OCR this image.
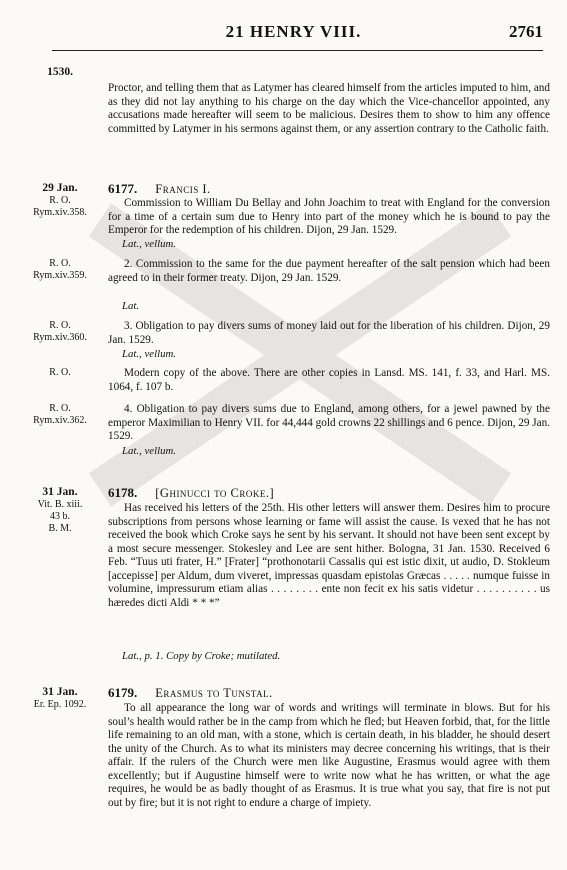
21 HENRY VIII.	2761
1530.
Proctor, and telling them that as Latymer has cleared himself from the articles imputed to him, and as they did not lay anything to his charge on the day which the Vice-chancellor appointed, any accusations made hereafter will seem to be malicious. Desires them to show to him any offence committed by Latymer in his sermons against them, or any assertion contrary to the Catholic faith.
29 Jan.
R. O.
Rym.xiv.358.
6177. Francis I.
Commission to William Du Bellay and John Joachim to treat with England for the conversion for a time of a certain sum due to Henry into part of the money which he is bound to pay the Emperor for the redemption of his children. Dijon, 29 Jan. 1529.
Lat., vellum.
R. O.
Rym.xiv.359.
2. Commission to the same for the due payment hereafter of the salt pension which had been agreed to in their former treaty. Dijon, 29 Jan. 1529.
Lat.
R. O.
Rym.xiv.360.
3. Obligation to pay divers sums of money laid out for the liberation of his children. Dijon, 29 Jan. 1529.
Lat., vellum.
R. O.	Modern copy of the above. There are other copies in Lansd. MS. 141, f. 33, and Harl. MS. 1064, f. 107 b.
R. O.
Rym.xiv.362.
4. Obligation to pay divers sums due to England, among others, for a jewel pawned by the emperor Maximilian to Henry VII. for 44,444 gold crowns 22 shillings and 6 pence. Dijon, 29 Jan. 1529.
Lat., vellum.
31 Jan.
Vit. B. xiii.
43 b.
B. M.
6178. [Ghinucci to Croke.]
Has received his letters of the 25th. His other letters will answer them. Desires him to procure subscriptions from persons whose learning or fame will assist the cause. Is vexed that he has not received the book which Croke says he sent by his servant. It should not have been sent except by a most secure messenger. Stokesley and Lee are sent hither. Bologna, 31 Jan. 1530. Received 6 Feb. “Tuus uti frater, H.” [Frater] “prothonotarii Cassalis qui est istic dixit, ut audio, D. Stokleum [accepisse] per Aldum, dum viveret, impressas quasdam epistolas Græcas . . . . . numque fuisse in volumine, impressurum etiam alias . . . . . . . . ente non fecit ex his satis videtur . . . . . . . . . . us hæredes dicti Aldi * * *”
Lat., p. 1. Copy by Croke; mutilated.
31 Jan.
Er. Ep. 1092.
6179. Erasmus to Tunstal.
To all appearance the long war of words and writings will terminate in blows. But for his soul’s health would rather be in the camp from which he fled; but Heaven forbid, that, for the little life remaining to an old man, with a stone, which is certain death, in his bladder, he should desert the unity of the Church. As to what its ministers may decree concerning his writings, that is their affair. If the rulers of the Church were men like Augustine, Erasmus would agree with them excellently; but if Augustine himself were to write now what he has written, or what the age requires, he would be as badly thought of as Erasmus. It is true what you say, that fire is not put out by fire; but it is not right to endure a charge of impiety.
